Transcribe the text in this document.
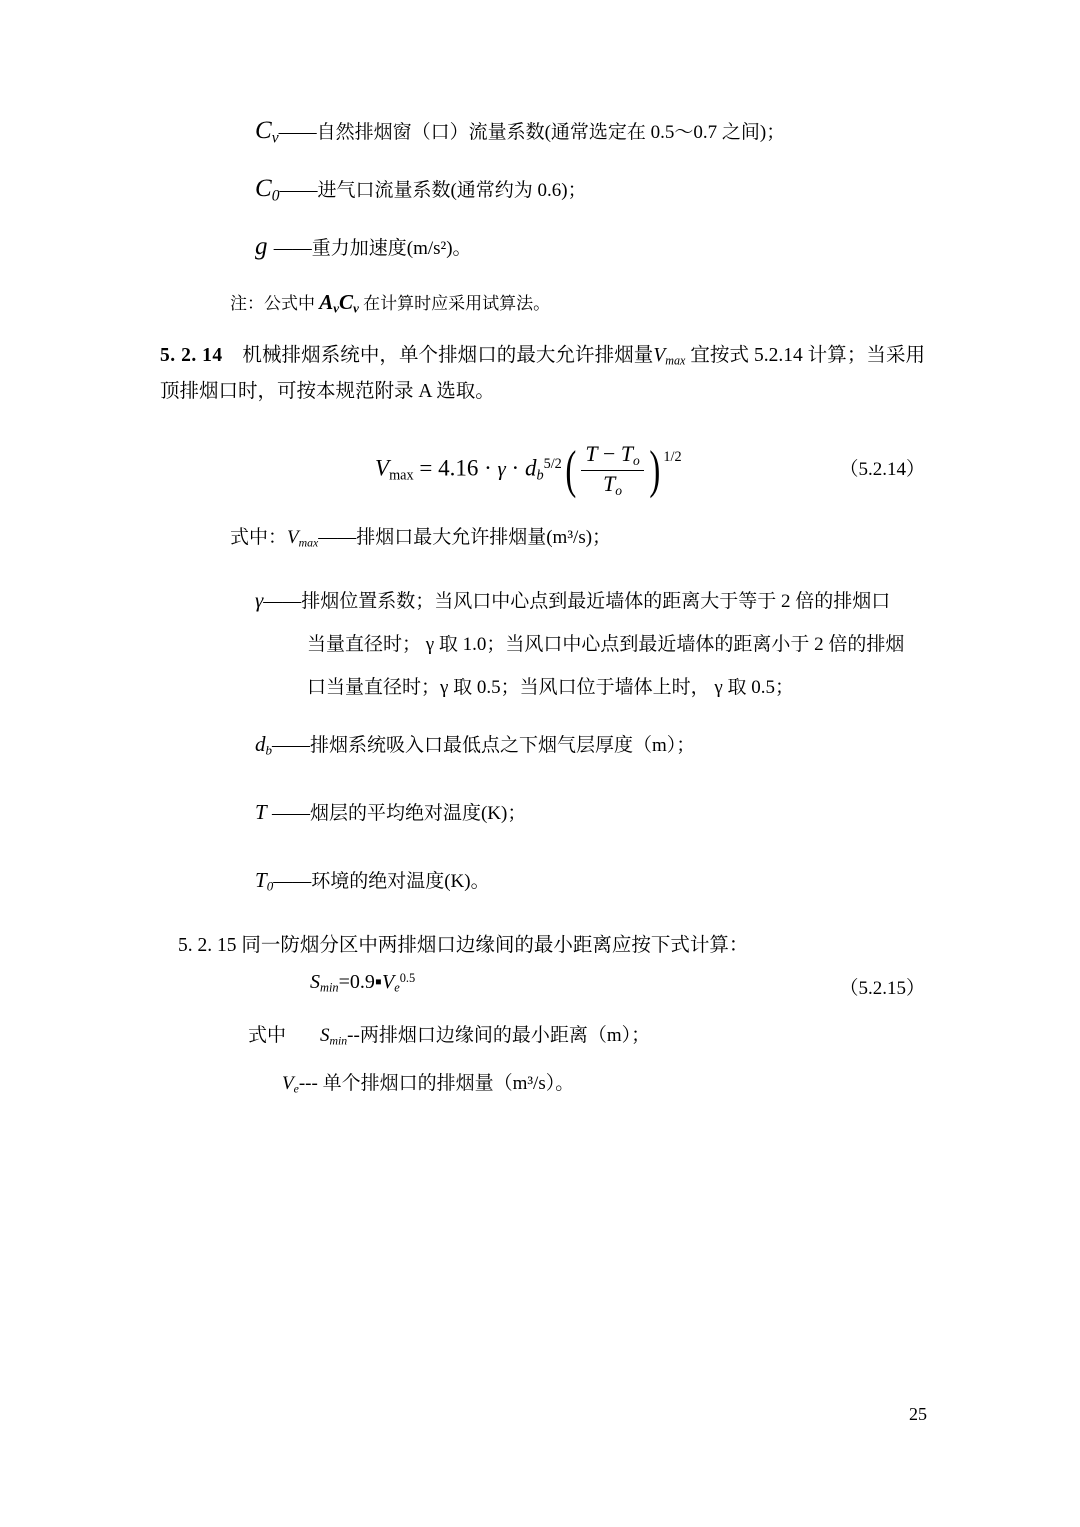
$C_v——$自然排烟窗（口）流量系数(通常选定在 0.5～0.7 之间)；
$C_0——$进气口流量系数(通常约为 0.6)；
g ——重力加速度(m/s²)。
注：公式中 $A_vC_v$ 在计算时应采用试算法。
5. 2. 14 机械排烟系统中，单个排烟口的最大允许排烟量$V_{max}$ 宜按式 5.2.14 计算；当采用顶排烟口时，可按本规范附录 A 选取。
$V_{max} = 4.16 \cdot \gamma \cdot d_b^{5/2}( \frac{T - T_o}{T_o}$ ) $^{1/2}$
（5.2.14）
式中：$V_{max}——$排烟口最大允许排烟量(m³/s)；
γ——排烟位置系数；当风口中心点到最近墙体的距离大于等于 2 倍的排烟口
当量直径时； γ 取 1.0；当风口中心点到最近墙体的距离小于 2 倍的排烟
口当量直径时；γ 取 0.5；当风口位于墙体上时， γ 取 0.5；
$d_b——$排烟系统吸入口最低点之下烟气层厚度（m）；
T ——烟层的平均绝对温度(K)；
$T_0——$环境的绝对温度(K)。
5. 2. 15 同一防烟分区中两排烟口边缘间的最小距离应按下式计算：
$S_{min}=0.9▪V_e^{0.5}$	（5.2.15）
式中 $S_{min}--$两排烟口边缘间的最小距离（m）；
$V_e---$ 单个排烟口的排烟量（m³/s）。
25
